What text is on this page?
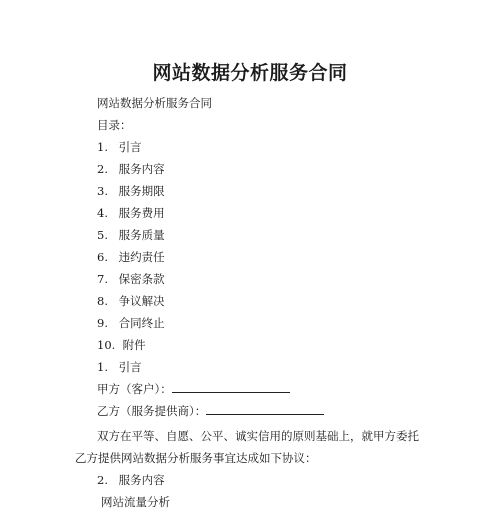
网站数据分析服务合同
网站数据分析服务合同
目录：
1. 引言
2. 服务内容
3. 服务期限
4. 服务费用
5. 服务质量
6. 违约责任
7. 保密条款
8. 争议解决
9. 合同终止
10. 附件
1. 引言
甲方（客户）：
乙方（服务提供商）：
双方在平等、自愿、公平、诚实信用的原则基础上，就甲方委托
乙方提供网站数据分析服务事宜达成如下协议：
2. 服务内容
网站流量分析
